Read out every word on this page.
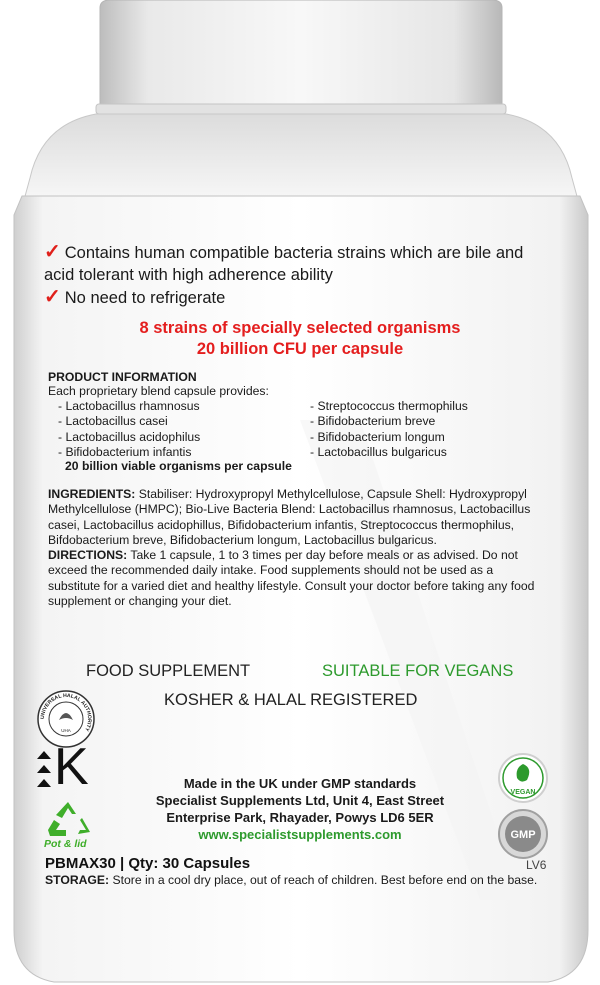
✓ Contains human compatible bacteria strains which are bile and
acid tolerant with high adherence ability
✓ No need to refrigerate
8 strains of specially selected organisms
20 billion CFU per capsule
PRODUCT INFORMATION
Each proprietary blend capsule provides:
- Lactobacillus rhamnosus
- Lactobacillus casei
- Lactobacillus acidophilus
- Bifidobacterium infantis
- Streptococcus thermophilus
- Bifidobacterium breve
- Bifidobacterium longum
- Lactobacillus bulgaricus
20 billion viable organisms per capsule
INGREDIENTS: Stabiliser: Hydroxypropyl Methylcellulose, Capsule Shell: Hydroxypropyl
Methylcellulose (HMPC); Bio-Live Bacteria Blend: Lactobacillus rhamnosus, Lactobacillus
casei, Lactobacillus acidophillus, Bifidobacterium infantis, Streptococcus thermophilus,
Bifdobacterium breve, Bifidobacterium longum, Lactobacillus bulgaricus.
DIRECTIONS: Take 1 capsule, 1 to 3 times per day before meals or as advised. Do not
exceed the recommended daily intake. Food supplements should not be used as a
substitute for a varied diet and healthy lifestyle. Consult your doctor before taking any food
supplement or changing your diet.
FOOD SUPPLEMENT	SUITABLE FOR VEGANS
KOSHER & HALAL REGISTERED
UNIVERSAL HALAL AUTHORITY
UHA
K
Pot & lid
Made in the UK under GMP standards
Specialist Supplements Ltd, Unit 4, East Street
Enterprise Park, Rhayader, Powys LD6 5ER
www.specialistsupplements.com
VEGAN
GMP
PBMAX30 | Qty: 30 Capsules	LV6
STORAGE: Store in a cool dry place, out of reach of children. Best before end on the base.
